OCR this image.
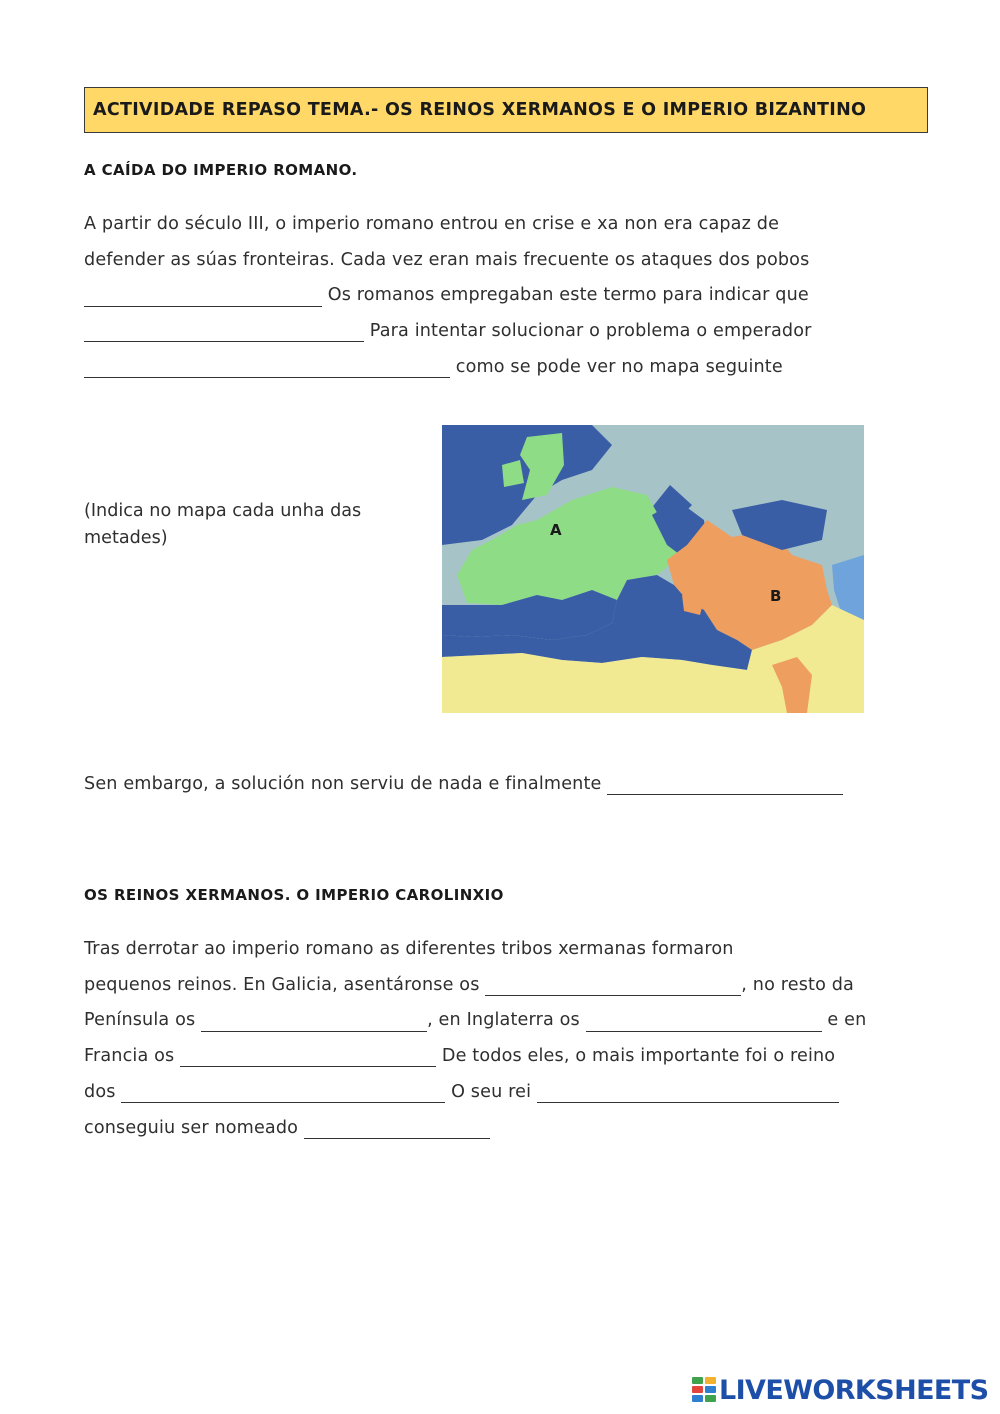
ACTIVIDADE REPASO TEMA.- OS REINOS XERMANOS E O IMPERIO BIZANTINO
A CAÍDA DO IMPERIO ROMANO.
A partir do século III, o imperio romano entrou en crise e xa non era capaz de
defender as súas fronteiras. Cada vez eran mais frecuente os ataques dos pobos
Os romanos empregaban este termo para indicar que
Para intentar solucionar o problema o emperador
como se pode ver no mapa seguinte
(Indica no mapa cada unha das metades)	A
B
Sen embargo, a solución non serviu de nada e finalmente
OS REINOS XERMANOS. O IMPERIO CAROLINXIO
Tras derrotar ao imperio romano as diferentes tribos xermanas formaron
pequenos reinos. En Galicia, asentáronse os	, no resto da
Península os	, en Inglaterra os	e en
Francia os	De todos eles, o mais importante foi o reino
dos	O seu rei
conseguiu ser nomeado
LIVEWORKSHEETS
